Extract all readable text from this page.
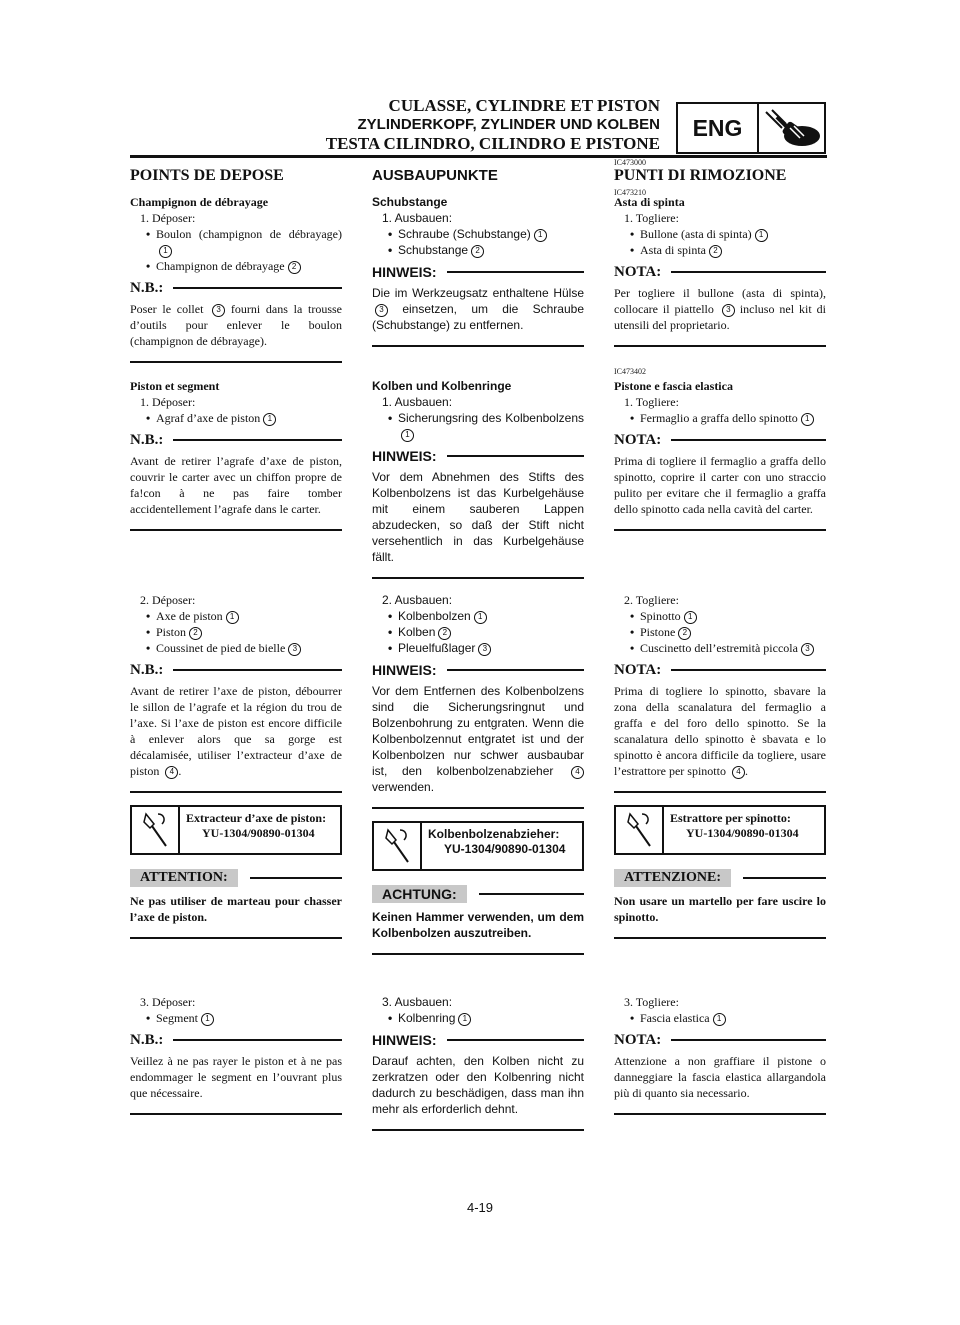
CULASSE, CYLINDRE ET PISTON
ZYLINDERKOPF, ZYLINDER UND KOLBEN
TESTA CILINDRO, CILINDRO E PISTONE
ENG
IC473000
IC473210
IC473402
POINTS DE DEPOSE
Champignon de débrayage
1. Déposer:
• Boulon (champignon de débrayage)1
• Champignon de débrayage 2
N.B.:
Poser le collet 3 fourni dans la trousse d’outils pour enlever le boulon (champignon de débrayage).
Piston et segment
1. Déposer:
• Agraf d’axe de piston 1
N.B.:
Avant de retirer l’agrafe d’axe de piston, couvrir le carter avec un chiffon propre de fa!con à ne pas faire tomber accidentellement l’agrafe dans le carter.
2. Déposer:
• Axe de piston 1
• Piston 2
• Coussinet de pied de bielle 3
N.B.:
Avant de retirer l’axe de piston, débourrer le sillon de l’agrafe et la région du trou de l’axe. Si l’axe de piston est encore difficile à enlever alors que sa gorge est décalamisée, utiliser l’extracteur d’axe de piston 4 .
Extracteur d’axe de piston:
YU-1304/90890-01304
ATTENTION:
Ne pas utiliser de marteau pour chasser l’axe de piston.
3. Déposer:
• Segment 1
N.B.:
Veillez à ne pas rayer le piston et à ne pas endommager le segment en l’ouvrant plus que nécessaire.
AUSBAUPUNKTE
Schubstange
1. Ausbauen:
• Schraube (Schubstange) 1
• Schubstange 2
HINWEIS:
Die im Werkzeugsatz enthaltene Hülse 3 einsetzen, um die Schraube (Schubstange) zu entfernen.
Kolben und Kolbenringe
1. Ausbauen:
• Sicherungsring des Kolbenbolzens1
HINWEIS:
Vor dem Abnehmen des Stifts des Kolbenbolzens ist das Kurbelgehäuse mit einem sauberen Lappen abzudecken, so daß der Stift nicht versehentlich in das Kurbelgehäuse fällt.
2. Ausbauen:
• Kolbenbolzen 1
• Kolben 2
• Pleuelfußlager 3
HINWEIS:
Vor dem Entfernen des Kolbenbolzens sind die Sicherungsringnut und Bolzenbohrung zu entgraten. Wenn die Kolbenbolzennut entgratet ist und der Kolbenbolzen nur schwer ausbaubar ist, den kolbenbolzenabzieher	4 verwenden.
Kolbenbolzenabzieher:
YU-1304/90890-01304
ACHTUNG:
Keinen Hammer verwenden, um dem Kolbenbolzen auszutreiben.
3. Ausbauen:
• Kolbenring 1
HINWEIS:
Darauf achten, den Kolben nicht zu zerkratzen oder den Kolbenring nicht dadurch zu beschädigen, dass man ihn mehr als erforderlich dehnt.
PUNTI DI RIMOZIONE
Asta di spinta
1. Togliere:
• Bullone (asta di spinta) 1
• Asta di spinta 2
NOTA:
Per togliere il bullone (asta di spinta), collocare il piattello 3 incluso nel kit di utensili del proprietario.
Pistone e fascia elastica
1. Togliere:
• Fermaglio a graffa dello spinotto 1
NOTA:
Prima di togliere il fermaglio a graffa dello spinotto, coprire il carter con uno straccio pulito per evitare che il fermaglio a graffa dello spinotto cada nella cavità del carter.
2. Togliere:
• Spinotto 1
• Pistone 2
• Cuscinetto dell’estremità piccola 3
NOTA:
Prima di togliere lo spinotto, sbavare la zona della scanalatura del fermaglio a graffa e del foro dello spinotto. Se la scanalatura dello spinotto è sbavata e lo spinotto è ancora difficile da togliere, usare l’estrattore per spinotto 4 .
Estrattore per spinotto:
YU-1304/90890-01304
ATTENZIONE:
Non usare un martello per fare uscire lo spinotto.
3. Togliere:
• Fascia elastica 1
NOTA:
Attenzione a non graffiare il pistone o danneggiare la fascia elastica allargandola più di quanto sia necessario.
4-19
